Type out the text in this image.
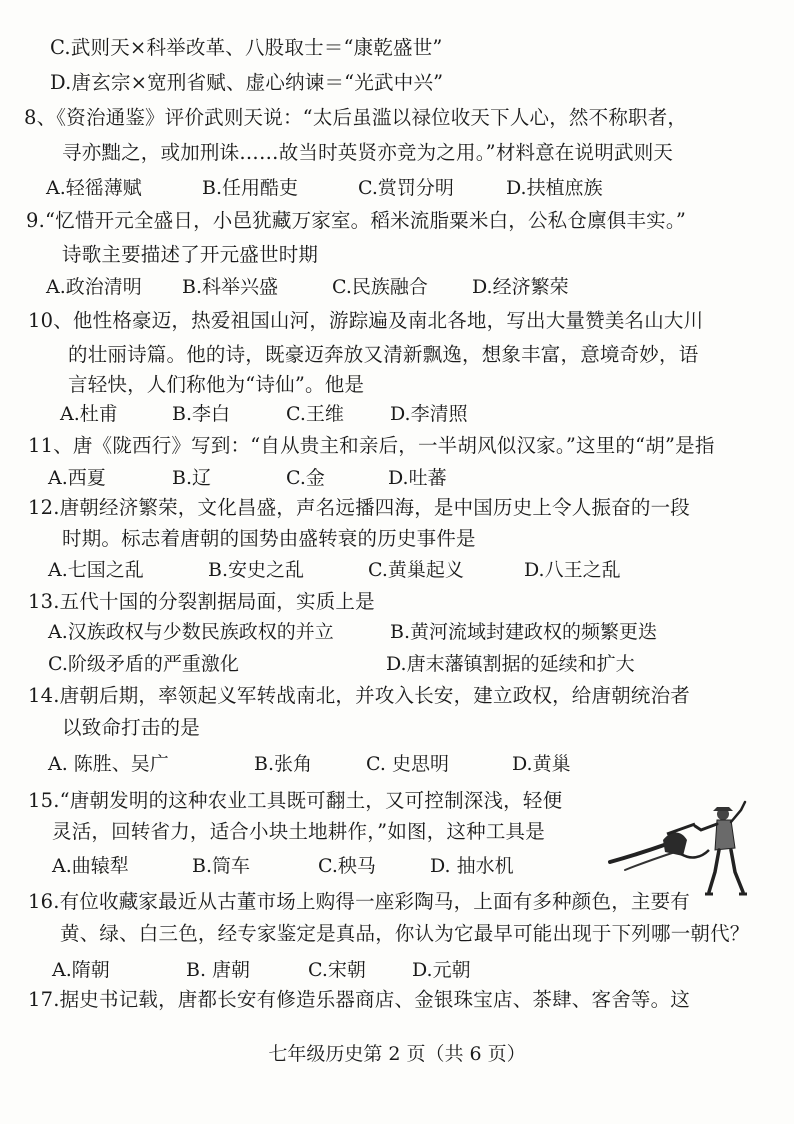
C.武则天×科举改革、八股取士＝“康乾盛世”
D.唐玄宗×宽刑省赋、虚心纳谏＝“光武中兴”
8、《资治通鉴》评价武则天说：“太后虽滥以禄位收天下人心，然不称职者，
寻亦黜之，或加刑诛……故当时英贤亦竞为之用。”材料意在说明武则天
A.轻徭薄赋	B.任用酷吏	C.赏罚分明	D.扶植庶族
9.“忆惜开元全盛日，小邑犹藏万家室。稻米流脂粟米白，公私仓廪俱丰实。”
诗歌主要描述了开元盛世时期
A.政治清明 B.科举兴盛	C.民族融合 D.经济繁荣
10、他性格豪迈，热爱祖国山河，游踪遍及南北各地，写出大量赞美名山大川
的壮丽诗篇。他的诗，既豪迈奔放又清新飘逸，想象丰富，意境奇妙，语
言轻快，人们称他为“诗仙”。他是
A.杜甫	B.李白	C.王维 D.李清照
11、唐《陇西行》写到：“自从贵主和亲后，一半胡风似汉家。”这里的“胡”是指
A.西夏	B.辽	C.金	D.吐蕃
12.唐朝经济繁荣，文化昌盛，声名远播四海，是中国历史上令人振奋的一段
时期。标志着唐朝的国势由盛转衰的历史事件是
A.七国之乱	B.安史之乱	C.黄巢起义	D.八王之乱
13.五代十国的分裂割据局面，实质上是
A.汉族政权与少数民族政权的并立	B.黄河流域封建政权的频繁更迭
C.阶级矛盾的严重激化	D.唐末藩镇割据的延续和扩大
14.唐朝后期，率领起义军转战南北，并攻入长安，建立政权，给唐朝统治者
以致命打击的是
A. 陈胜、吴广	B.张角	C. 史思明	D.黄巢
15.“唐朝发明的这种农业工具既可翻土，又可控制深浅，轻便
灵活，回转省力，适合小块土地耕作，”如图，这种工具是
A.曲辕犁	B.筒车	C.秧马	D. 抽水机
16.有位收藏家最近从古董市场上购得一座彩陶马，上面有多种颜色，主要有
黄、绿、白三色，经专家鉴定是真品，你认为它最早可能出现于下列哪一朝代？
A.隋朝	B. 唐朝	C.宋朝 D.元朝
17.据史书记载，唐都长安有修造乐器商店、金银珠宝店、茶肆、客舍等。这
七年级历史第 2 页（共 6 页）
